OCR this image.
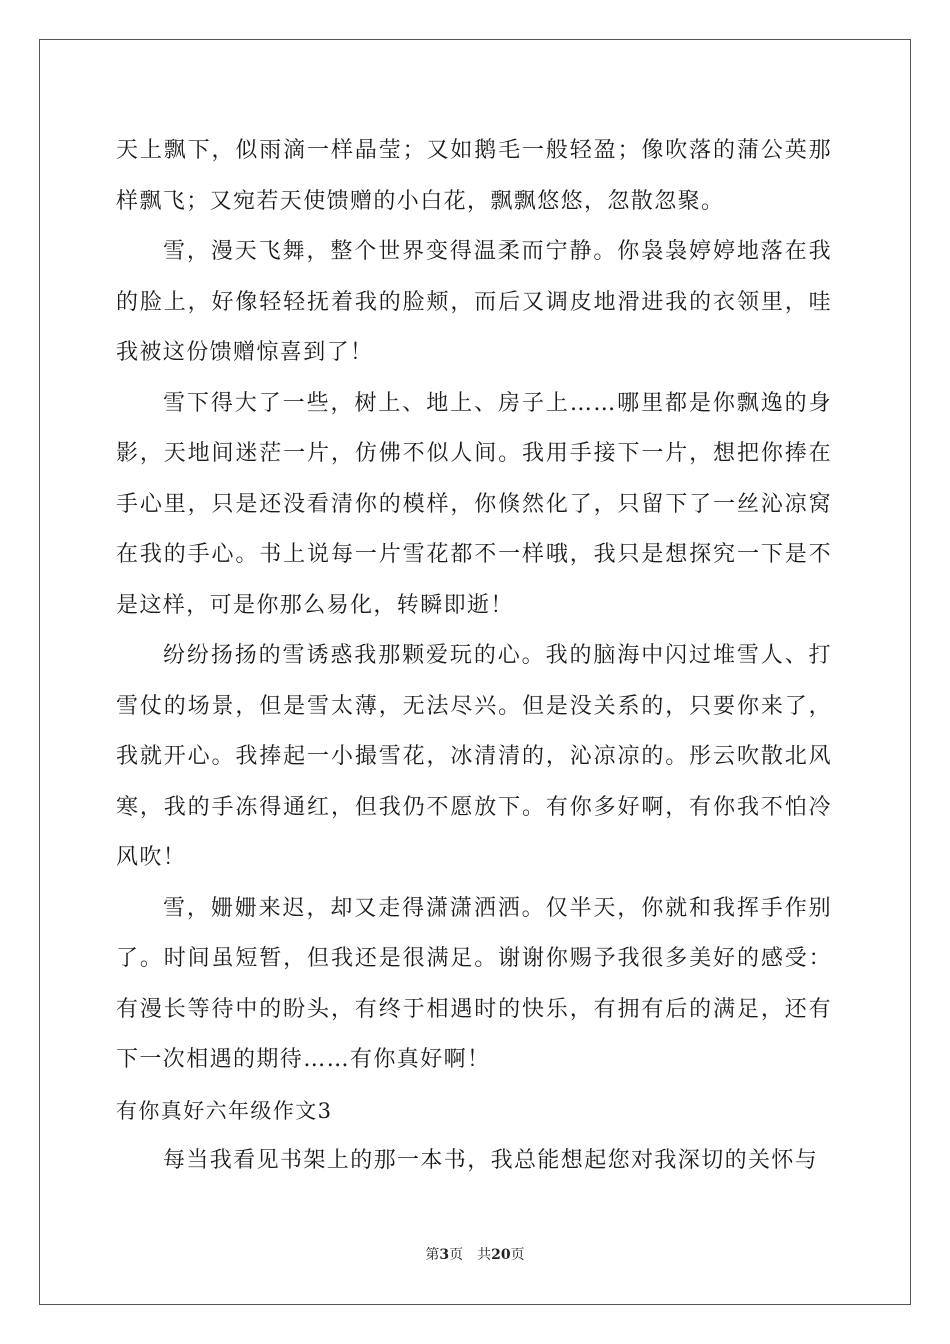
天上飘下，似雨滴一样晶莹；又如鹅毛一般轻盈；像吹落的蒲公英那样飘飞；又宛若天使馈赠的小白花，飘飘悠悠，忽散忽聚。

雪，漫天飞舞，整个世界变得温柔而宁静。你袅袅婷婷地落在我的脸上，好像轻轻抚着我的脸颊，而后又调皮地滑进我的衣领里，哇我被这份馈赠惊喜到了！

雪下得大了一些，树上、地上、房子上……哪里都是你飘逸的身影，天地间迷茫一片，仿佛不似人间。我用手接下一片，想把你捧在手心里，只是还没看清你的模样，你倏然化了，只留下了一丝沁凉窝在我的手心。书上说每一片雪花都不一样哦，我只是想探究一下是不是这样，可是你那么易化，转瞬即逝！

纷纷扬扬的雪诱惑我那颗爱玩的心。我的脑海中闪过堆雪人、打雪仗的场景，但是雪太薄，无法尽兴。但是没关系的，只要你来了，我就开心。我捧起一小撮雪花，冰清清的，沁凉凉的。彤云吹散北风寒，我的手冻得通红，但我仍不愿放下。有你多好啊，有你我不怕冷风吹！

雪，姗姗来迟，却又走得潇潇洒洒。仅半天，你就和我挥手作别了。时间虽短暂，但我还是很满足。谢谢你赐予我很多美好的感受：有漫长等待中的盼头，有终于相遇时的快乐，有拥有后的满足，还有下一次相遇的期待……有你真好啊！

有你真好六年级作文3

每当我看见书架上的那一本书，我总能想起您对我深切的关怀与

第3页 共20页
